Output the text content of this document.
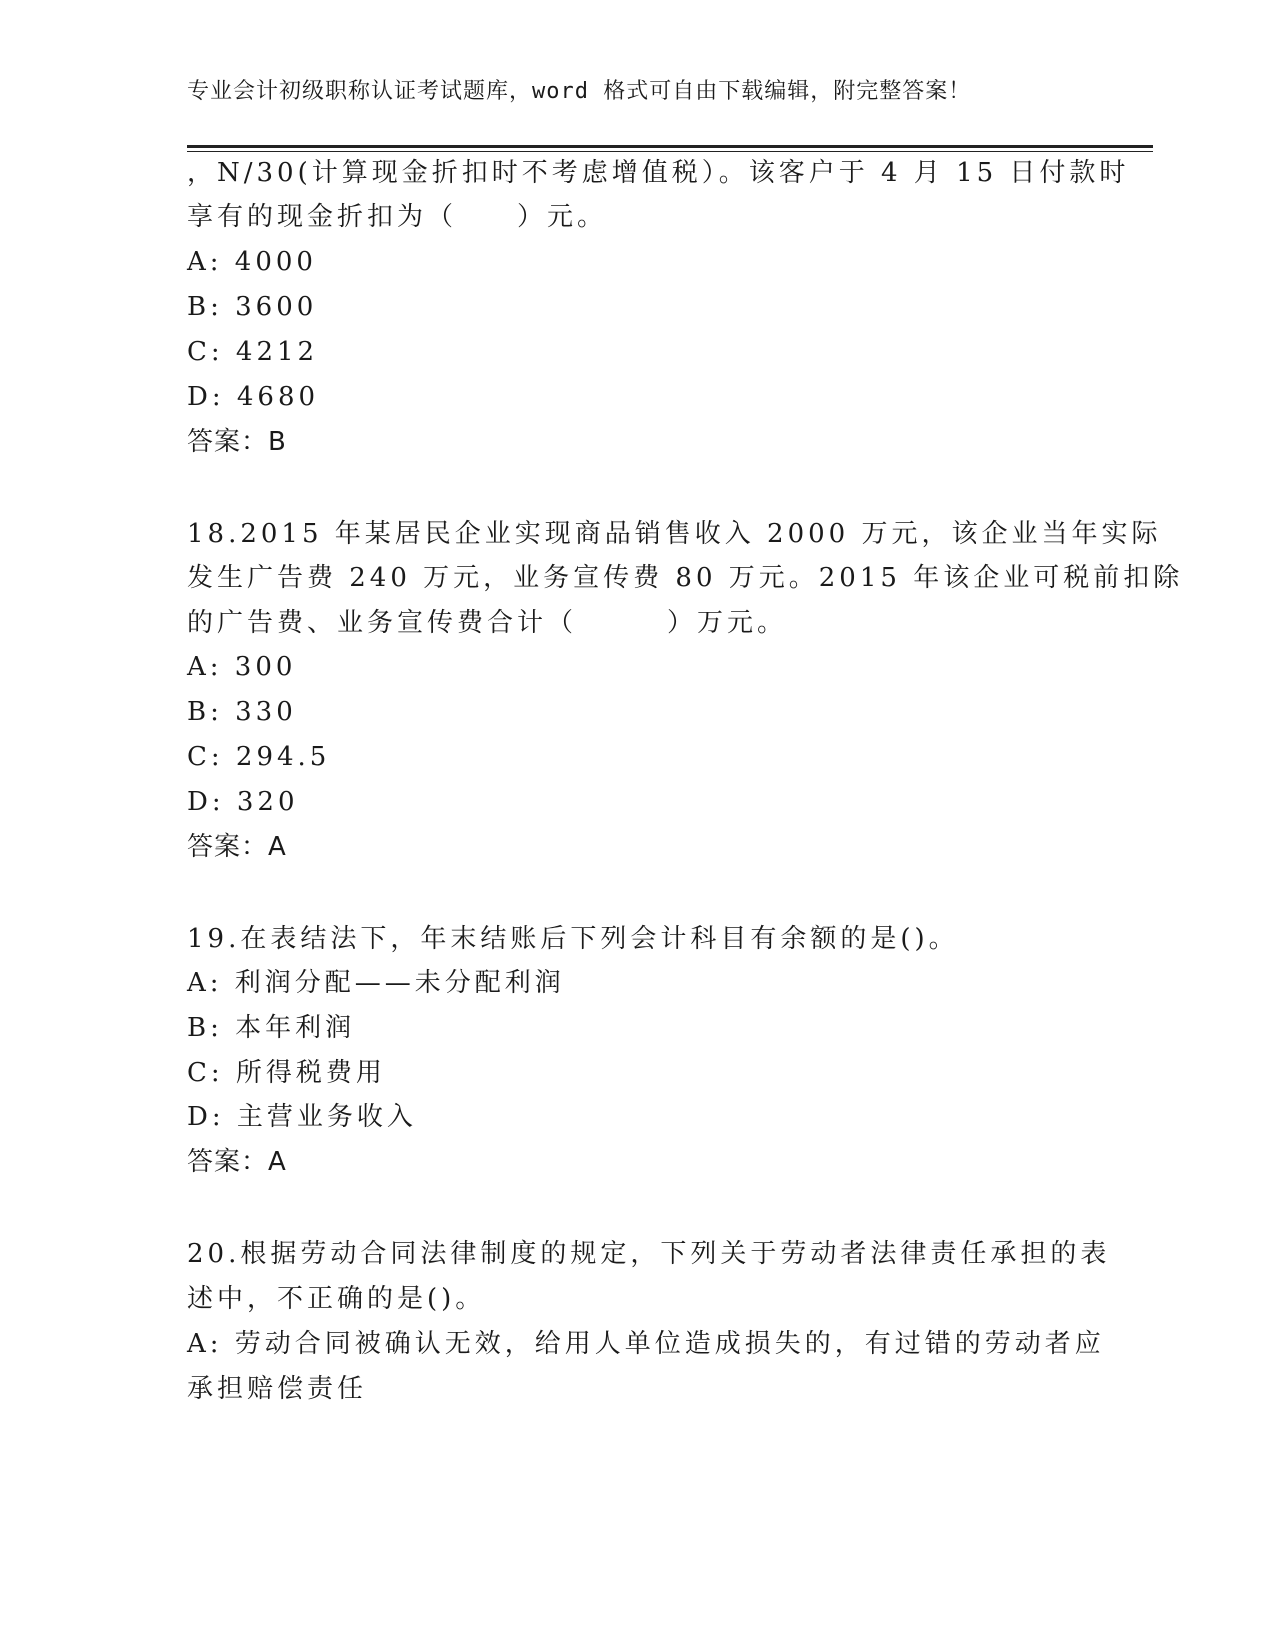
专业会计初级职称认证考试题库，word 格式可自由下载编辑，附完整答案！
，N/30(计算现金折扣时不考虑增值税）。该客户于 4 月 15 日付款时
享有的现金折扣为（　　）元。
A: 4000
B: 3600
C: 4212
D: 4680
答案：B
18.2015 年某居民企业实现商品销售收入 2000 万元，该企业当年实际
发生广告费 240 万元，业务宣传费 80 万元。2015 年该企业可税前扣除
的广告费、业务宣传费合计（　　　）万元。
A: 300
B: 330
C: 294.5
D: 320
答案：A
19.在表结法下，年末结账后下列会计科目有余额的是()。
A: 利润分配——未分配利润
B: 本年利润
C: 所得税费用
D: 主营业务收入
答案：A
20.根据劳动合同法律制度的规定，下列关于劳动者法律责任承担的表
述中，不正确的是()。
A: 劳动合同被确认无效，给用人单位造成损失的，有过错的劳动者应
承担赔偿责任
